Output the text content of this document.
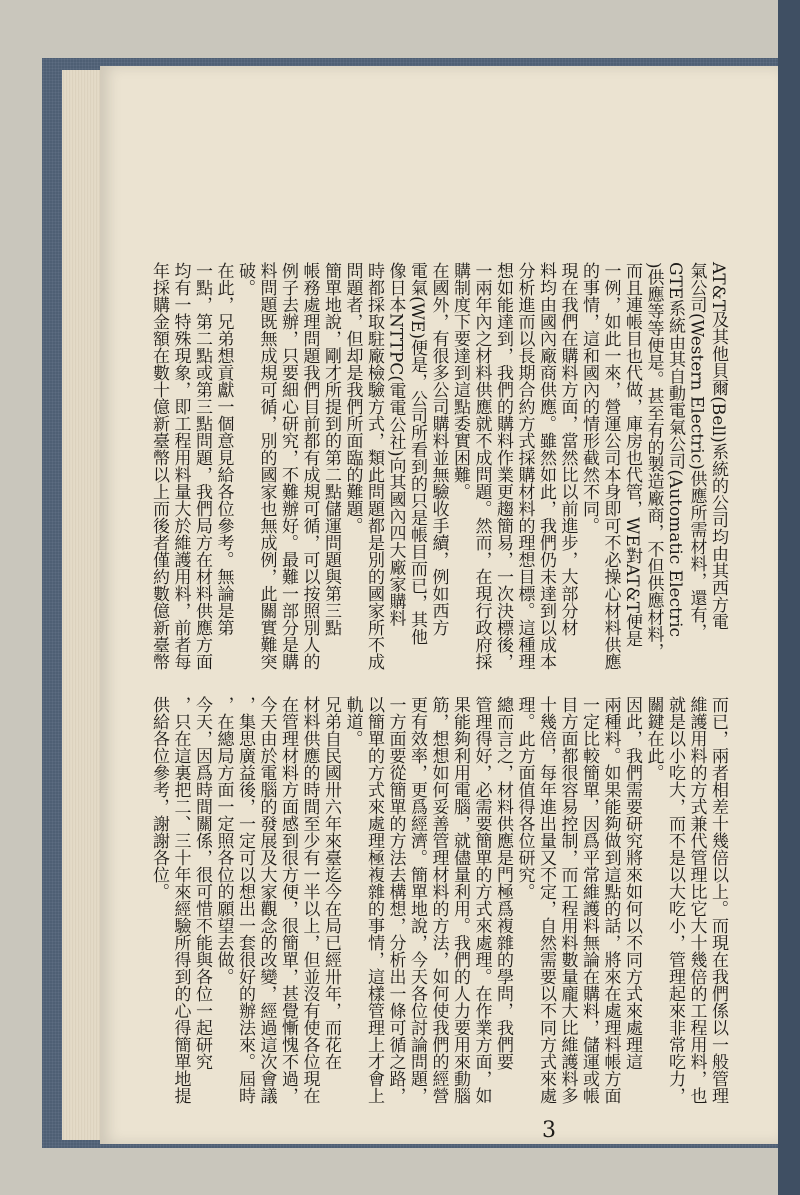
AT&T及其他貝爾(Bell)系統的公司均由其西方電
氣公司(Western Electric)供應所需材料，還有，
GTE系統由其自動電氣公司(Automatic Electric
)供應等等便是。甚至有的製造廠商，不但供應材料，
而且連帳目也代做，庫房也代管，WE對AT&T便是
一例，如此一來，營運公司本身即可不必操心材料供應
的事情，這和國內的情形截然不同。
現在我們在購料方面，當然比以前進步，大部分材
料均由國內廠商供應。雖然如此，我們仍未達到以成本
分析進而以長期合約方式採購材料的理想目標。這種理
想如能達到，我們的購料作業更趨簡易，一次決標後，
一兩年內之材料供應就不成問題。然而，在現行政府採
購制度下要達到這點委實困難。
在國外，有很多公司購料並無驗收手續，例如西方
電氣(WE)便是，公司所看到的只是帳目而已，其他
像日本NTTPC(電電公社)向其國內四大廠家購料
時都採取駐廠檢驗方式，類此問題都是別的國家所不成
問題者，但却是我們所面臨的難題。
簡單地說，剛才所提到的第二點儲運問題與第三點
帳務處理問題我們目前都有成規可循，可以按照別人的
例子去辦，只要細心研究，不難辦好。最難一部分是購
料問題既無成規可循，別的國家也無成例，此關實難突
破。
在此，兄弟想貢獻一個意見給各位參考。無論是第
一點，第二點或第三點問題，我們局方在材料供應方面
均有一特殊現象，即工程用料量大於維護用料，前者每
年採購金額在數十億新臺幣以上而後者僅約數億新臺幣
而已，兩者相差十幾倍以上。而現在我們係以一般管理
維護用料的方式兼代管理比它大十幾倍的工程用料，也
就是以小吃大，而不是以大吃小，管理起來非常吃力，
關鍵在此。
因此，我們需要研究將來如何以不同方式來處理這
兩種料。如果能夠做到這點的話，將來在處理料帳方面
一定比較簡單，因爲平常維護料無論在購料，儲運或帳
目方面都很容易控制，而工程用料數量龐大比維護料多
十幾倍，每年進出量又不定，自然需要以不同方式來處
理。此方面值得各位研究。
總而言之，材料供應是門極爲複雜的學問，我們要
管理得好，必需要簡單的方式來處理。在作業方面，如
果能夠利用電腦，就儘量利用。我們的人力要用來動腦
筋，想想如何妥善管理材料的方法，如何使我們的經營
更有效率，更爲經濟。簡單地說，今天各位討論問題，
一方面要從簡單的方法去構想，分析出一條可循之路，
以簡單的方式來處理極複雜的事情，這樣管理上才會上
軌道。
兄弟自民國卅六年來臺迄今在局已經卅年，而花在
材料供應的時間至少有一半以上，但並沒有使各位現在
在管理材料方面感到很方便，很簡單，甚覺慚愧不過，
今天由於電腦的發展及大家觀念的改變，經過這次會議
，集思廣益後，一定可以想出一套很好的辦法來。屆時
，在總局方面一定照各位的願望去做。
今天，因爲時間關係，很可惜不能與各位一起研究
，只在這裏把二、三十年來經驗所得到的心得簡單地提
供給各位參考，謝謝各位。
3
